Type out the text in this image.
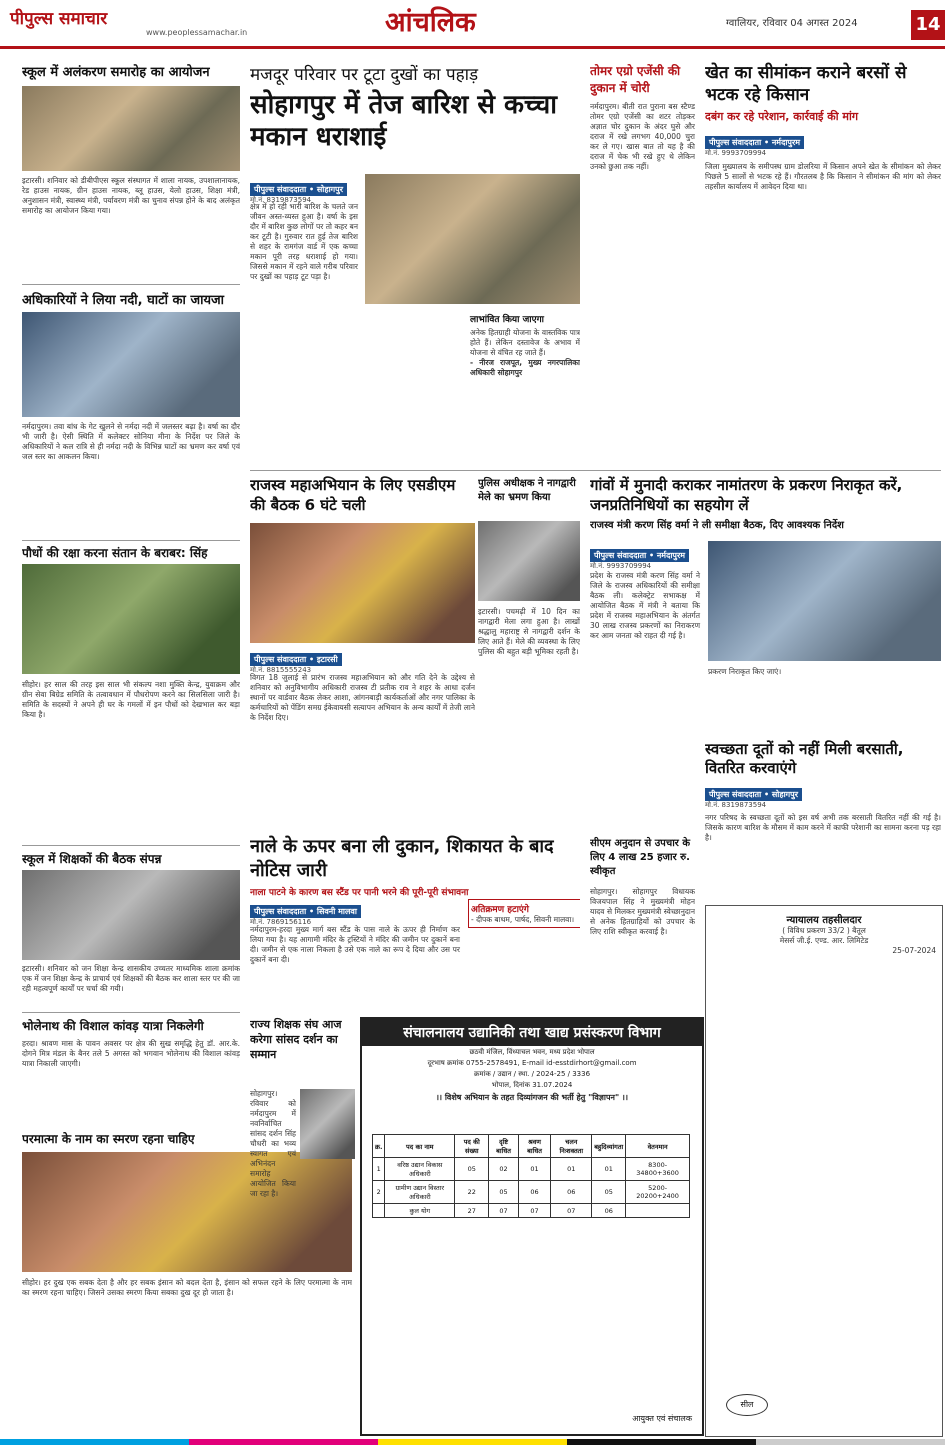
पीपुल्स समाचार
www.peoplessamachar.in	आंचलिक	ग्वालियर, रविवार 04 अगस्त 2024	14
स्कूल में अलंकरण समारोह का आयोजन
इटारसी। शनिवार को डीबीपीएस स्कूल संस्थागत में शाला नायक, उपशालानायक, रेड हाउस नायक, ग्रीन हाउस नायक, ब्लू हाउस, येलो हाउस, शिक्षा मंत्री, अनुशासन मंत्री, स्वास्थ्य मंत्री, पर्यावरण मंत्री का चुनाव संपन्न होने के बाद अलंकृत समारोह का आयोजन किया गया।
अधिकारियों ने लिया नदी, घाटों का जायजा
नर्मदापुरम। तवा बांध के गेट खुलने से नर्मदा नदी में जलस्तर बढ़ा है। वर्षा का दौर भी जारी है। ऐसी स्थिति में कलेक्टर सोनिया मीना के निर्देश पर जिले के अधिकारियों ने कल रात्रि से ही नर्मदा नदी के विभिन्न घाटों का भ्रमण कर वर्षा एवं जल स्तर का आकलन किया।
पौधों की रक्षा करना संतान के बराबर: सिंह
सीहोर। हर साल की तरह इस साल भी संकल्प नशा मुक्ति केन्द्र, युवाक्रम और ग्रीन सेवा बिग्रेड समिति के तत्वावधान में पौधरोपण करने का सिलसिला जारी है। समिति के सदस्यों ने अपने ही घर के गमलों में इन पौधों को देखभाल कर बड़ा किया है।
स्कूल में शिक्षकों की बैठक संपन्न
इटारसी। शनिवार को जन शिक्षा केन्द्र शासकीय उच्चतर माध्यमिक शाला क्रमांक एक में जन शिक्षा केन्द्र के प्राचार्य एवं शिक्षकों की बैठक कर शाला स्तर पर की जा रही महत्वपूर्ण कार्यों पर चर्चा की गयी।
भोलेनाथ की विशाल कांवड़ यात्रा निकलेगी
हरदा। श्रावण मास के पावन अवसर पर क्षेत्र की सुख समृद्धि हेतु डॉ. आर.के. दोगने मित्र मंडल के बैनर तले 5 अगस्त को भगवान भोलेनाथ की विशाल कांवड़ यात्रा निकाली जाएगी।
परमात्मा के नाम का स्मरण रहना चाहिए
सीहोर। हर दुख एक सबक देता है और हर सबक इंसान को बदल देता है, इंसान को सफल रहने के लिए परमात्मा के नाम का स्मरण रहना चाहिए। जिसने उसका स्मरण किया सबका दुख दूर हो जाता है।
मजदूर परिवार पर टूटा दुखों का पहाड़
सोहागपुर में तेज बारिश से कच्चा मकान धराशाई
पीपुल्स संवाददाता • सोहागपुर
मो.नं. 8319873594
क्षेत्र में हो रही भारी बारिश के चलते जन जीवन अस्त-व्यस्त हुआ है। वर्षा के इस दौर में बारिश कुछ लोगों पर तो कहर बन कर टूटी है। गुरुवार रात हुई तेज बारिश से शहर के रामगंज वार्ड में एक कच्चा मकान पूरी तरह धराशाई हो गया। जिससे मकान में रहने वाले गरीब परिवार पर दुखों का पहाड़ टूट पड़ा है।
लाभांवित किया जाएगा
अनेक हितग्राही योजना के वास्तविक पात्र होते हैं। लेकिन दस्तावेज के अभाव में योजना से वंचित रह जाते हैं।
- नीरज राजपूत, मुख्य नगरपालिका अधिकारी सोहागपुर
तोमर एग्रो एजेंसी की दुकान में चोरी
नर्मदापुरम। बीती रात पुराना बस स्टैण्ड तोमर एग्रो एजेंसी का शटर तोड़कर अज्ञात चोर दुकान के अंदर घुसे और दराज में रखे लगभग 40,000 चुरा कर ले गए। खास बात तो यह है की दराज में चेक भी रखे हुए थे लेकिन उनको छुआ तक नहीं।
खेत का सीमांकन कराने बरसों से भटक रहे किसान
दबंग कर रहे परेशान, कार्रवाई की मांग
पीपुल्स संवाददाता • नर्मदापुरम
मो.नं. 9993709994
जिला मुख्यालय के समीपस्थ ग्राम डोलरिया में किसान अपने खेत के सीमांकन को लेकर पिछले 5 सालों से भटक रहे हैं। गौरतलब है कि किसान ने सीमांकन की मांग को लेकर तहसील कार्यालय में आवेदन दिया था।
राजस्व महाअभियान के लिए एसडीएम की बैठक 6 घंटे चली
पीपुल्स संवाददाता • इटारसी
मो.नं. 8815555243
विगत 18 जुलाई से प्रारंभ राजस्व महाअभियान को और गति देने के उद्देश्य से शनिवार को अनुविभागीय अधिकारी राजस्व टी प्रतीक राव ने शहर के आधा दर्जन स्थानों पर वार्डवार बैठक लेकर आशा, आंगनबाड़ी कार्यकर्ताओं और नगर पालिका के कर्मचारियों को पेंडिंग समग्र ईकेवायसी सत्यापन अभियान के अन्य कार्यों में तेजी लाने के निर्देश दिए।
पुलिस अधीक्षक ने नागद्वारी मेले का भ्रमण किया
इटारसी। पचमढ़ी में 10 दिन का नागद्वारी मेला लगा हुआ है। लाखों श्रद्धालु महाराष्ट्र से नागद्वारी दर्शन के लिए आते हैं। मेले की व्यवस्था के लिए पुलिस की बहुत बड़ी भूमिका रहती है।
गांवों में मुनादी कराकर नामांतरण के प्रकरण निराकृत करें, जनप्रतिनिधियों का सहयोग लें
राजस्व मंत्री करण सिंह वर्मा ने ली समीक्षा बैठक, दिए आवश्यक निर्देश
पीपुल्स संवाददाता • नर्मदापुरम
मो.नं. 9993709994
प्रदेश के राजस्व मंत्री करण सिंह वर्मा ने जिले के राजस्व अधिकारियों की समीक्षा बैठक ली। कलेक्ट्रेट सभाकक्ष में आयोजित बैठक में मंत्री ने बताया कि प्रदेश में राजस्व महाअभियान के अंतर्गत 30 लाख राजस्व प्रकरणों का निराकरण कर आम जनता को राहत दी गई है।
प्रकरण निराकृत किए जाएं।
नाले के ऊपर बना ली दुकान, शिकायत के बाद नोटिस जारी
नाला पाटने के कारण बस स्टैंड पर पानी भरने की पूरी-पूरी संभावना
पीपुल्स संवाददाता • सिवनी मालवा
मो.नं. 7869156116
नर्मदापुरम-हरदा मुख्य मार्ग बस स्टैंड के पास नाले के ऊपर ही निर्माण कर लिया गया है। यह आगामी मंदिर के ट्रस्टियों ने मंदिर की जमीन पर दुकानें बना दी। जमीन से एक नाला निकला है उसे एक नाले का रूप दे दिया और उस पर दुकानें बना दी।
अतिक्रमण हटाएंगे
- दीपक बाथम, पार्षद, सिवनी मालवा।
सीएम अनुदान से उपचार के लिए 4 लाख 25 हजार रु. स्वीकृत
सोहागपुर। सोहागपुर विधायक विजयपाल सिंह ने मुख्यमंत्री मोहन यादव से मिलकर मुख्यमंत्री स्वेच्छानुदान से अनेक हितग्राहियों को उपचार के लिए राशि स्वीकृत करवाई है।
स्वच्छता दूतों को नहीं मिली बरसाती, वितरित करवाएंगे
पीपुल्स संवाददाता • सोहागपुर
मो.नं. 8319873594
नगर परिषद के स्वच्छता दूतों को इस वर्ष अभी तक बरसाती वितरित नहीं की गई है। जिसके कारण बारिश के मौसम में काम करने में काफी परेशानी का सामना करना पड़ रहा है।
राज्य शिक्षक संघ आज करेगा सांसद दर्शन का सम्मान
सोहागपुर। रविवार को नर्मदापुरम में नवनिर्वाचित सांसद दर्शन सिंह चौधरी का भव्य स्वागत एवं अभिनंदन समारोह आयोजित किया जा रहा है।
संचालनालय उद्यानिकी तथा खाद्य प्रसंस्करण विभाग
छठवी मंजिल, विंध्याचल भवन, मध्य प्रदेश भोपाल
दूरभाष क्रमांक 0755-2578491, E-mail id-esstdirhort@gmail.com
क्रमांक / उद्यान / स्था. / 2024-25 / 3336
भोपाल, दिनांक 31.07.2024
।। विशेष अभियान के तहत दिव्यांगजन की भर्ती हेतु "विज्ञापन" ।।
क्र.	पद का नाम	पद की संख्या	दृष्टि बाधित	श्रवण बाधित	चलन निःशक्तता	बहुदिव्यांगता	वेतनमान
1	वरिष्ठ उद्यान विकास अधिकारी	05	02	01	01	01	8300-34800+3600
2	ग्रामीण उद्यान विस्तार अधिकारी	22	05	06	06	05	5200-20200+2400
	कुल योग	27	07	07	07	06	
आयुक्त एवं संचालक
न्यायालय तहसीलदार
( विविध प्रकरण 33/2 ) बैतूल
मेसर्स जी.ई. एण्ड. आर. लिमिटेड
25-07-2024
सील
